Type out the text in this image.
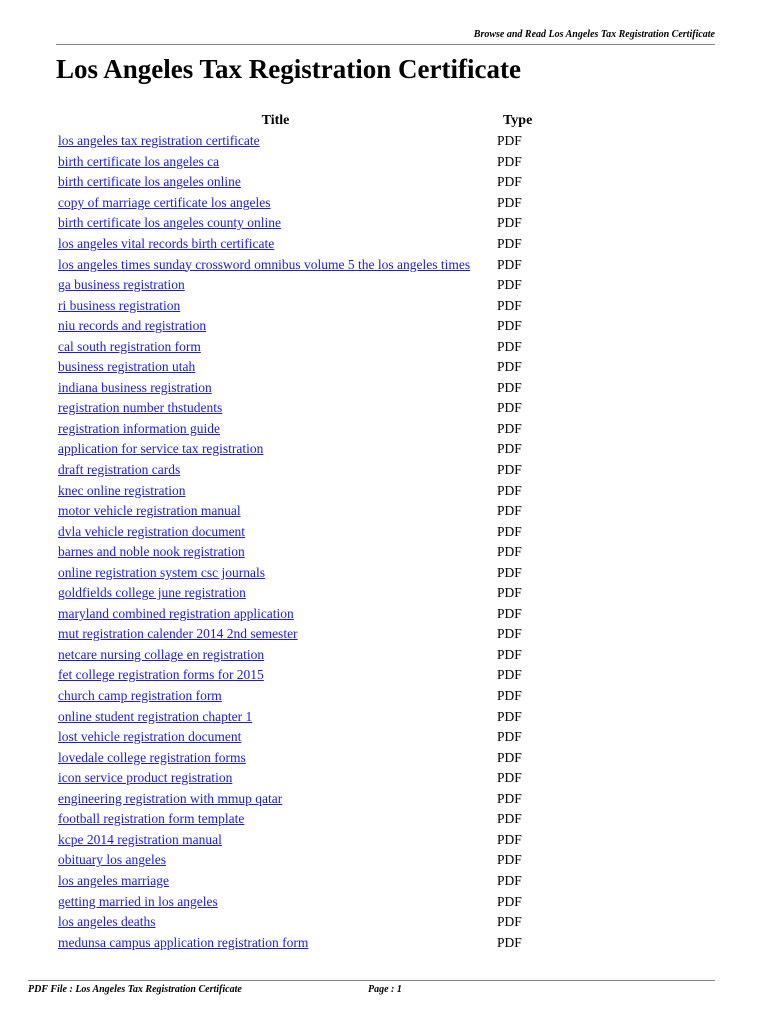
Browse and Read Los Angeles Tax Registration Certificate
Los Angeles Tax Registration Certificate
Title	Type
los angeles tax registration certificate	PDF
birth certificate los angeles ca	PDF
birth certificate los angeles online	PDF
copy of marriage certificate los angeles	PDF
birth certificate los angeles county online	PDF
los angeles vital records birth certificate	PDF
los angeles times sunday crossword omnibus volume 5 the los angeles times	PDF
ga business registration	PDF
ri business registration	PDF
niu records and registration	PDF
cal south registration form	PDF
business registration utah	PDF
indiana business registration	PDF
registration number thstudents	PDF
registration information guide	PDF
application for service tax registration	PDF
draft registration cards	PDF
knec online registration	PDF
motor vehicle registration manual	PDF
dvla vehicle registration document	PDF
barnes and noble nook registration	PDF
online registration system csc journals	PDF
goldfields college june registration	PDF
maryland combined registration application	PDF
mut registration calender 2014 2nd semester	PDF
netcare nursing collage en registration	PDF
fet college registration forms for 2015	PDF
church camp registration form	PDF
online student registration chapter 1	PDF
lost vehicle registration document	PDF
lovedale college registration forms	PDF
icon service product registration	PDF
engineering registration with mmup qatar	PDF
football registration form template	PDF
kcpe 2014 registration manual	PDF
obituary los angeles	PDF
los angeles marriage	PDF
getting married in los angeles	PDF
los angeles deaths	PDF
medunsa campus application registration form	PDF
PDF File : Los Angeles Tax Registration Certificate	Page : 1
